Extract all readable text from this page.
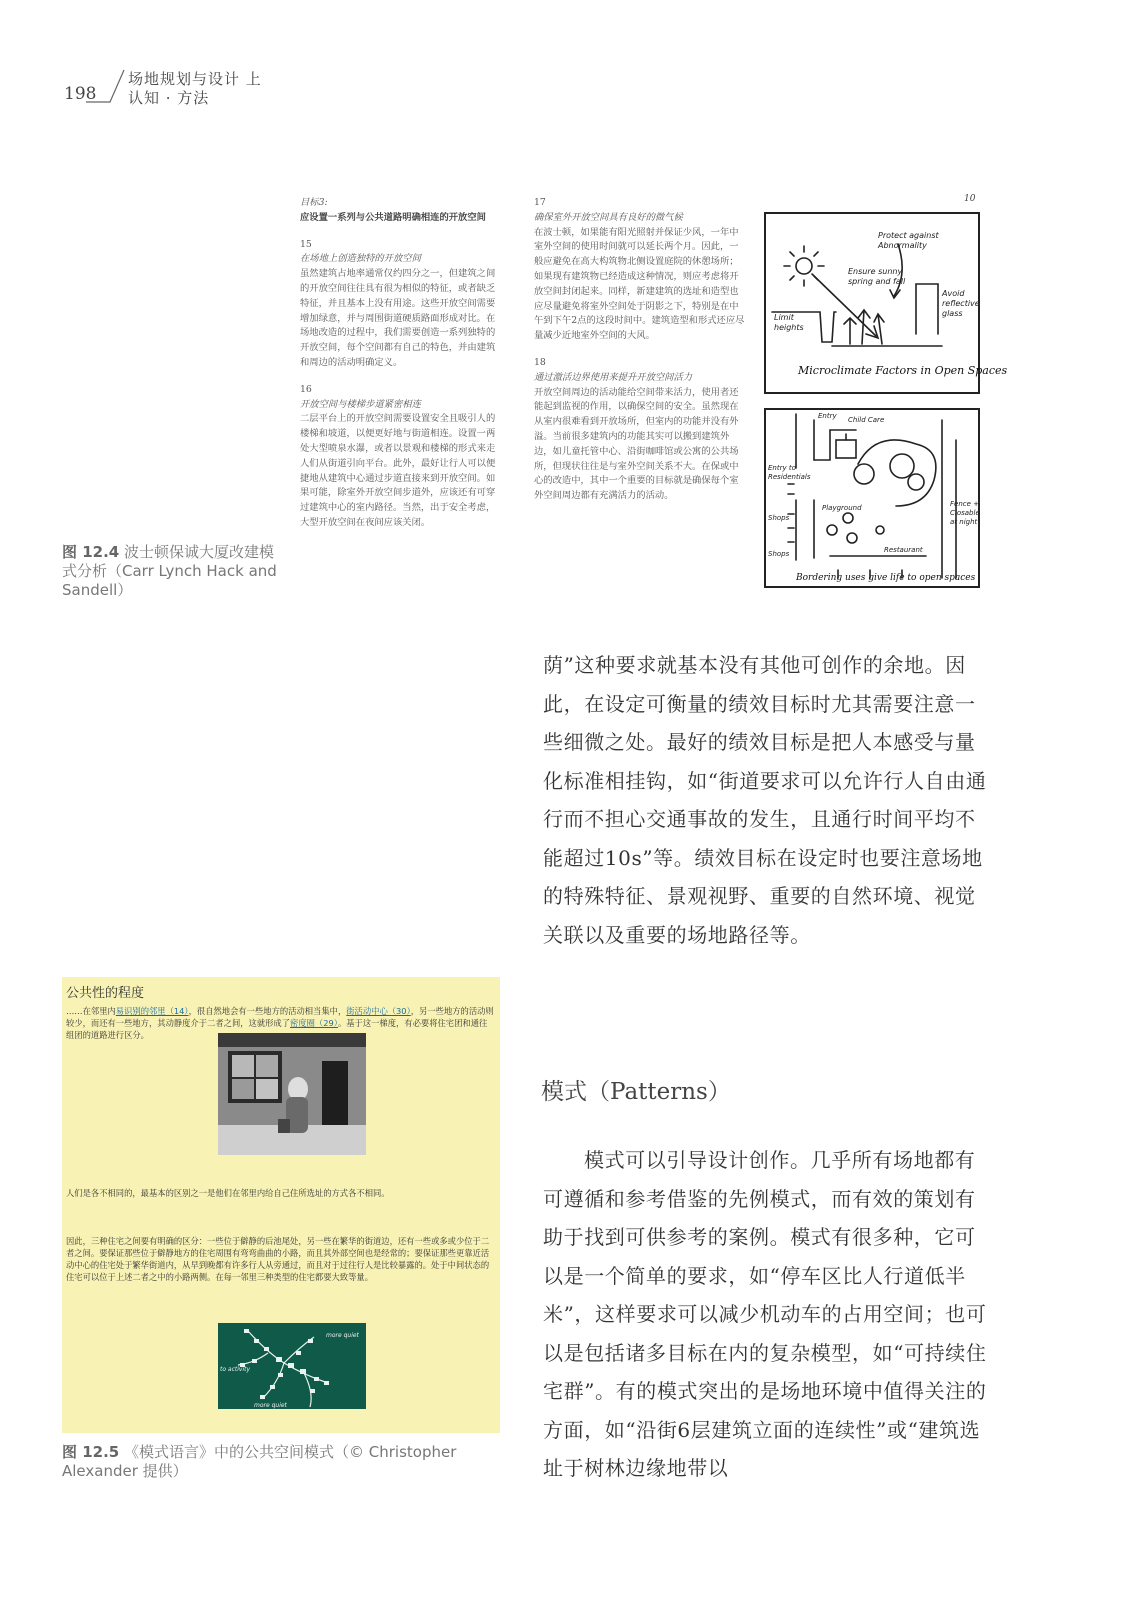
198
场地规划与设计 上
认知 · 方法

目标3:

应设置一系列与公共道路明确相连的开放空间

15

在场地上创造独特的开放空间

虽然建筑占地率通常仅约四分之一，但建筑之间的开放空间往往具有很为相似的特征，或者缺乏特征，并且基本上没有用途。这些开放空间需要增加绿意，并与周围街道硬质路面形成对比。在场地改造的过程中，我们需要创造一系列独特的开放空间，每个空间都有自己的特色，并由建筑和周边的活动明确定义。

16

开放空间与楼梯步道紧密相连

二层平台上的开放空间需要设置安全且吸引人的楼梯和坡道，以便更好地与街道相连。设置一两处大型喷泉水瀑，或者以景观和楼梯的形式来走人们从街道引向平台。此外，最好让行人可以便捷地从建筑中心通过步道直接来到开放空间。如果可能，除室外开放空间步道外，应该还有可穿过建筑中心的室内路径。当然，出于安全考虑，大型开放空间在夜间应该关闭。

17

确保室外开放空间具有良好的微气候

在波士顿，如果能有阳光照射并保证少风，一年中室外空间的使用时间就可以延长两个月。因此，一般应避免在高大构筑物北侧设置庭院的休憩场所；如果现有建筑物已经造成这种情况，则应考虑将开放空间封闭起来。同样，新建建筑的选址和造型也应尽量避免将室外空间处于阴影之下，特别是在中午到下午2点的这段时间中。建筑造型和形式还应尽量减少近地室外空间的大风。

18

通过激活边界使用来提升开放空间活力

开放空间周边的活动能给空间带来活力，使用者还能起到监视的作用，以确保空间的安全。虽然现在从室内很难看到开放场所，但室内的功能并没有外溢。当前很多建筑内的功能其实可以搬到建筑外边，如儿童托管中心、沿街咖啡馆或公寓的公共场所，但现状往往是与室外空间关系不大。在保或中心的改造中，其中一个重要的目标就是确保每个室外空间周边都有充满活力的活动。

10
Protect against
Abnormality
Ensure sunny
spring and fall
Limit
heights
Avoid
reflective
glass
Microclimate Factors in Open Spaces
Entry Child Care
Entry to
Residentials
Playground
Shops
Shops	Restaurant
Fence +
Closable
at night
Bordering uses give life to open spaces
图 12.4 波士顿保诚大厦改建模式分析（Carr Lynch Hack and Sandell）

荫”这种要求就基本没有其他可创作的余地。因此，在设定可衡量的绩效目标时尤其需要注意一些细微之处。最好的绩效目标是把人本感受与量化标准相挂钩，如“街道要求可以允许行人自由通行而不担心交通事故的发生，且通行时间平均不能超过10s”等。绩效目标在设定时也要注意场地的特殊特征、景观视野、重要的自然环境、视觉关联以及重要的场地路径等。

模式（Patterns）

模式可以引导设计创作。几乎所有场地都有可遵循和参考借鉴的先例模式，而有效的策划有助于找到可供参考的案例。模式有很多种，它可以是一个简单的要求，如“停车区比人行道低半米”，这样要求可以减少机动车的占用空间；也可以是包括诸多目标在内的复杂模型，如“可持续住宅群”。有的模式突出的是场地环境中值得关注的方面，如“沿街6层建筑立面的连续性”或“建筑选址于树林边缘地带以

公共性的程度
……在邻里内易识别的邻里（14），很自然地会有一些地方的活动相当集中，街活动中心（30），另一些地方的活动则较少，而还有一些地方，其动静度介于二者之间，这就形成了密度圈（29）。基于这一梯度，有必要将住宅团和通往组团的道路进行区分。
人们是各不相同的，最基本的区别之一是他们在邻里内给自己住所选址的方式各不相同。
因此，三种住宅之间要有明确的区分：一些位于僻静的后池尾处，另一些在繁华的街道边，还有一些或多或少位于二者之间。要保证那些位于僻静地方的住宅周围有弯弯曲曲的小路，而且其外部空间也是经常的；要保证那些更靠近活动中心的住宅处于繁华街道内，从早到晚都有许多行人从旁通过，而且对于过往行人是比较暴露的。处于中间状态的住宅可以位于上述二者之中的小路两侧。在每一邻里三种类型的住宅都要大致等量。
more quiet
to activity
more quiet
图 12.5 《模式语言》中的公共空间模式（© Christopher Alexander 提供）
